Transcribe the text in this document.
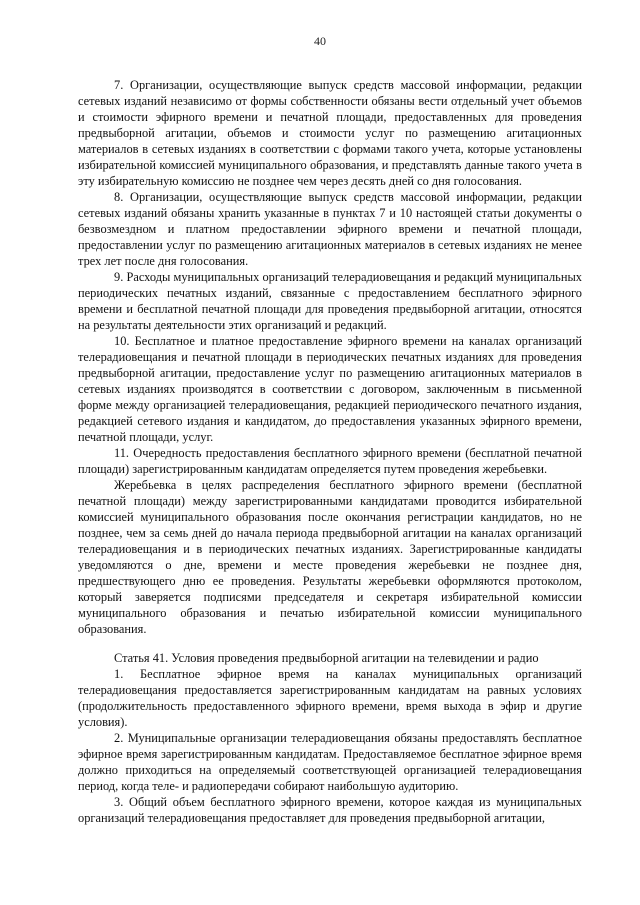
40

7. Организации, осуществляющие выпуск средств массовой информации, редакции сетевых изданий независимо от формы собственности обязаны вести отдельный учет объемов и стоимости эфирного времени и печатной площади, предоставленных для проведения предвыборной агитации, объемов и стоимости услуг по размещению агитационных материалов в сетевых изданиях в соответствии с формами такого учета, которые установлены избирательной комиссией муниципального образования, и представлять данные такого учета в эту избирательную комиссию не позднее чем через десять дней со дня голосования.

8. Организации, осуществляющие выпуск средств массовой информации, редакции сетевых изданий обязаны хранить указанные в пунктах 7 и 10 настоящей статьи документы о безвозмездном и платном предоставлении эфирного времени и печатной площади, предоставлении услуг по размещению агитационных материалов в сетевых изданиях не менее трех лет после дня голосования.

9. Расходы муниципальных организаций телерадиовещания и редакций муниципальных периодических печатных изданий, связанные с предоставлением бесплатного эфирного времени и бесплатной печатной площади для проведения предвыборной агитации, относятся на результаты деятельности этих организаций и редакций.

10. Бесплатное и платное предоставление эфирного времени на каналах организаций телерадиовещания и печатной площади в периодических печатных изданиях для проведения предвыборной агитации, предоставление услуг по размещению агитационных материалов в сетевых изданиях производятся в соответствии с договором, заключенным в письменной форме между организацией телерадиовещания, редакцией периодического печатного издания, редакцией сетевого издания и кандидатом, до предоставления указанных эфирного времени, печатной площади, услуг.

11. Очередность предоставления бесплатного эфирного времени (бесплатной печатной площади) зарегистрированным кандидатам определяется путем проведения жеребьевки.

Жеребьевка в целях распределения бесплатного эфирного времени (бесплатной печатной площади) между зарегистрированными кандидатами проводится избирательной комиссией муниципального образования после окончания регистрации кандидатов, но не позднее, чем за семь дней до начала периода предвыборной агитации на каналах организаций телерадиовещания и в периодических печатных изданиях. Зарегистрированные кандидаты уведомляются о дне, времени и месте проведения жеребьевки не позднее дня, предшествующего дню ее проведения. Результаты жеребьевки оформляются протоколом, который заверяется подписями председателя и секретаря избирательной комиссии муниципального образования и печатью избирательной комиссии муниципального образования.

Статья 41. Условия проведения предвыборной агитации на телевидении и радио

1. Бесплатное эфирное время на каналах муниципальных организаций телерадиовещания предоставляется зарегистрированным кандидатам на равных условиях (продолжительность предоставленного эфирного времени, время выхода в эфир и другие условия).

2. Муниципальные организации телерадиовещания обязаны предоставлять бесплатное эфирное время зарегистрированным кандидатам. Предоставляемое бесплатное эфирное время должно приходиться на определяемый соответствующей организацией телерадиовещания период, когда теле- и радиопередачи собирают наибольшую аудиторию.

3. Общий объем бесплатного эфирного времени, которое каждая из муниципальных организаций телерадиовещания предоставляет для проведения предвыборной агитации,
